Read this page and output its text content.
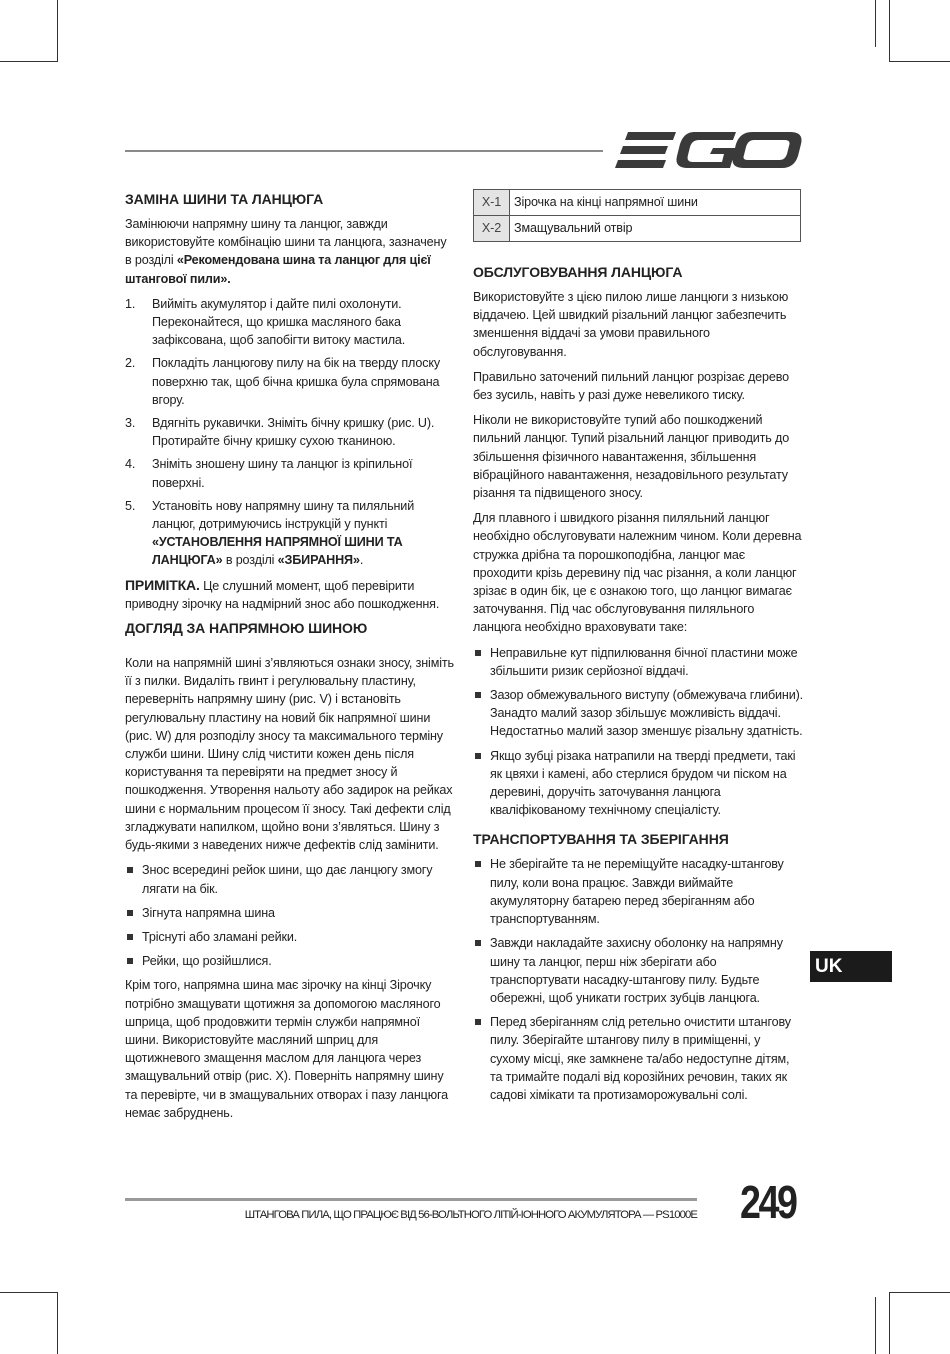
ЗАМІНА ШИНИ ТА ЛАНЦЮГА

Замінюючи напрямну шину та ланцюг, завжди використовуйте комбінацію шини та ланцюга, зазначену в розділі «Рекомендована шина та ланцюг для цієї штангової пили».

1. Вийміть акумулятор і дайте пилі охолонути. Переконайтеся, що кришка масляного бака зафіксована, щоб запобігти витоку мастила.
2. Покладіть ланцюгову пилу на бік на тверду плоску поверхню так, щоб бічна кришка була спрямована вгору.
3. Вдягніть рукавички. Зніміть бічну кришку (рис. U). Протирайте бічну кришку сухою тканиною.
4. Зніміть зношену шину та ланцюг із кріпильної поверхні.
5. Установіть нову напрямну шину та пиляльний ланцюг, дотримуючись інструкцій у пункті «УСТАНОВЛЕННЯ НАПРЯМНОЇ ШИНИ ТА ЛАНЦЮГА» в розділі «ЗБИРАННЯ».

ПРИМІТКА. Це слушний момент, щоб перевірити приводну зірочку на надмірний знос або пошкодження.

ДОГЛЯД ЗА НАПРЯМНОЮ ШИНОЮ

Коли на напрямній шині з’являються ознаки зносу, зніміть її з пилки. Видаліть гвинт і регулювальну пластину, переверніть напрямну шину (рис. V) і встановіть регулювальну пластину на новий бік напрямної шини (рис. W) для розподілу зносу та максимального терміну служби шини. Шину слід чистити кожен день після користування та перевіряти на предмет зносу й пошкодження. Утворення нальоту або задирок на рейках шини є нормальним процесом її зносу. Такі дефекти слід згладжувати напилком, щойно вони з’являться. Шину з будь-якими з наведених нижче дефектів слід замінити.

Знос всередині рейок шини, що дає ланцюгу змогу лягати на бік.
Зігнута напрямна шина
Тріснуті або зламані рейки.
Рейки, що розійшлися.

Крім того, напрямна шина має зірочку на кінці Зірочку потрібно змащувати щотижня за допомогою масляного шприца, щоб продовжити термін служби напрямної шини. Використовуйте масляний шприц для щотижневого змащення маслом для ланцюга через змащувальний отвір (рис. X). Поверніть напрямну шину та перевірте, чи в змащувальних отворах і пазу ланцюга немає забруднень.

X-1	Зірочка на кінці напрямної шини
X-2	Змащувальний отвір
ОБСЛУГОВУВАННЯ ЛАНЦЮГА

Використовуйте з цією пилою лише ланцюги з низькою віддачею. Цей швидкий різальний ланцюг забезпечить зменшення віддачі за умови правильного обслуговування.

Правильно заточений пильний ланцюг розрізає дерево без зусиль, навіть у разі дуже невеликого тиску.

Ніколи не використовуйте тупий або пошкоджений пильний ланцюг. Тупий різальний ланцюг приводить до збільшення фізичного навантаження, збільшення вібраційного навантаження, незадовільного результату різання та підвищеного зносу.

Для плавного і швидкого різання пиляльний ланцюг необхідно обслуговувати належним чином. Коли деревна стружка дрібна та порошкоподібна, ланцюг має проходити крізь деревину під час різання, а коли ланцюг зрізає в один бік, це є ознакою того, що ланцюг вимагає заточування. Під час обслуговування пиляльного ланцюга необхідно враховувати таке:

Неправильне кут підпилювання бічної пластини може збільшити ризик серйозної віддачі.
Зазор обмежувального виступу (обмежувача глибини). Занадто малий зазор збільшує можливість віддачі. Недостатньо малий зазор зменшує різальну здатність.
Якщо зубці різака натрапили на тверді предмети, такі як цвяхи і камені, або стерлися брудом чи піском на деревині, доручіть заточування ланцюга кваліфікованому технічному спеціалісту.
ТРАНСПОРТУВАННЯ ТА ЗБЕРІГАННЯ
Не зберігайте та не переміщуйте насадку-штангову пилу, коли вона працює. Завжди виймайте акумуляторну батарею перед зберіганням або транспортуванням.
Завжди накладайте захисну оболонку на напрямну шину та ланцюг, перш ніж зберігати або транспортувати насадку-штангову пилу. Будьте обережні, щоб уникати гострих зубців ланцюга.
Перед зберіганням слід ретельно очистити штангову пилу. Зберігайте штангову пилу в приміщенні, у сухому місці, яке замкнене та/або недоступне дітям, та тримайте подалі від корозійних речовин, таких як садові хімікати та протизаморожувальні солі.
UK
ШТАНГОВА ПИЛА, ЩО ПРАЦЮЄ ВІД 56-ВОЛЬТНОГО ЛІТІЙ-ІОННОГО АКУМУЛЯТОРА — PS1000E 249
